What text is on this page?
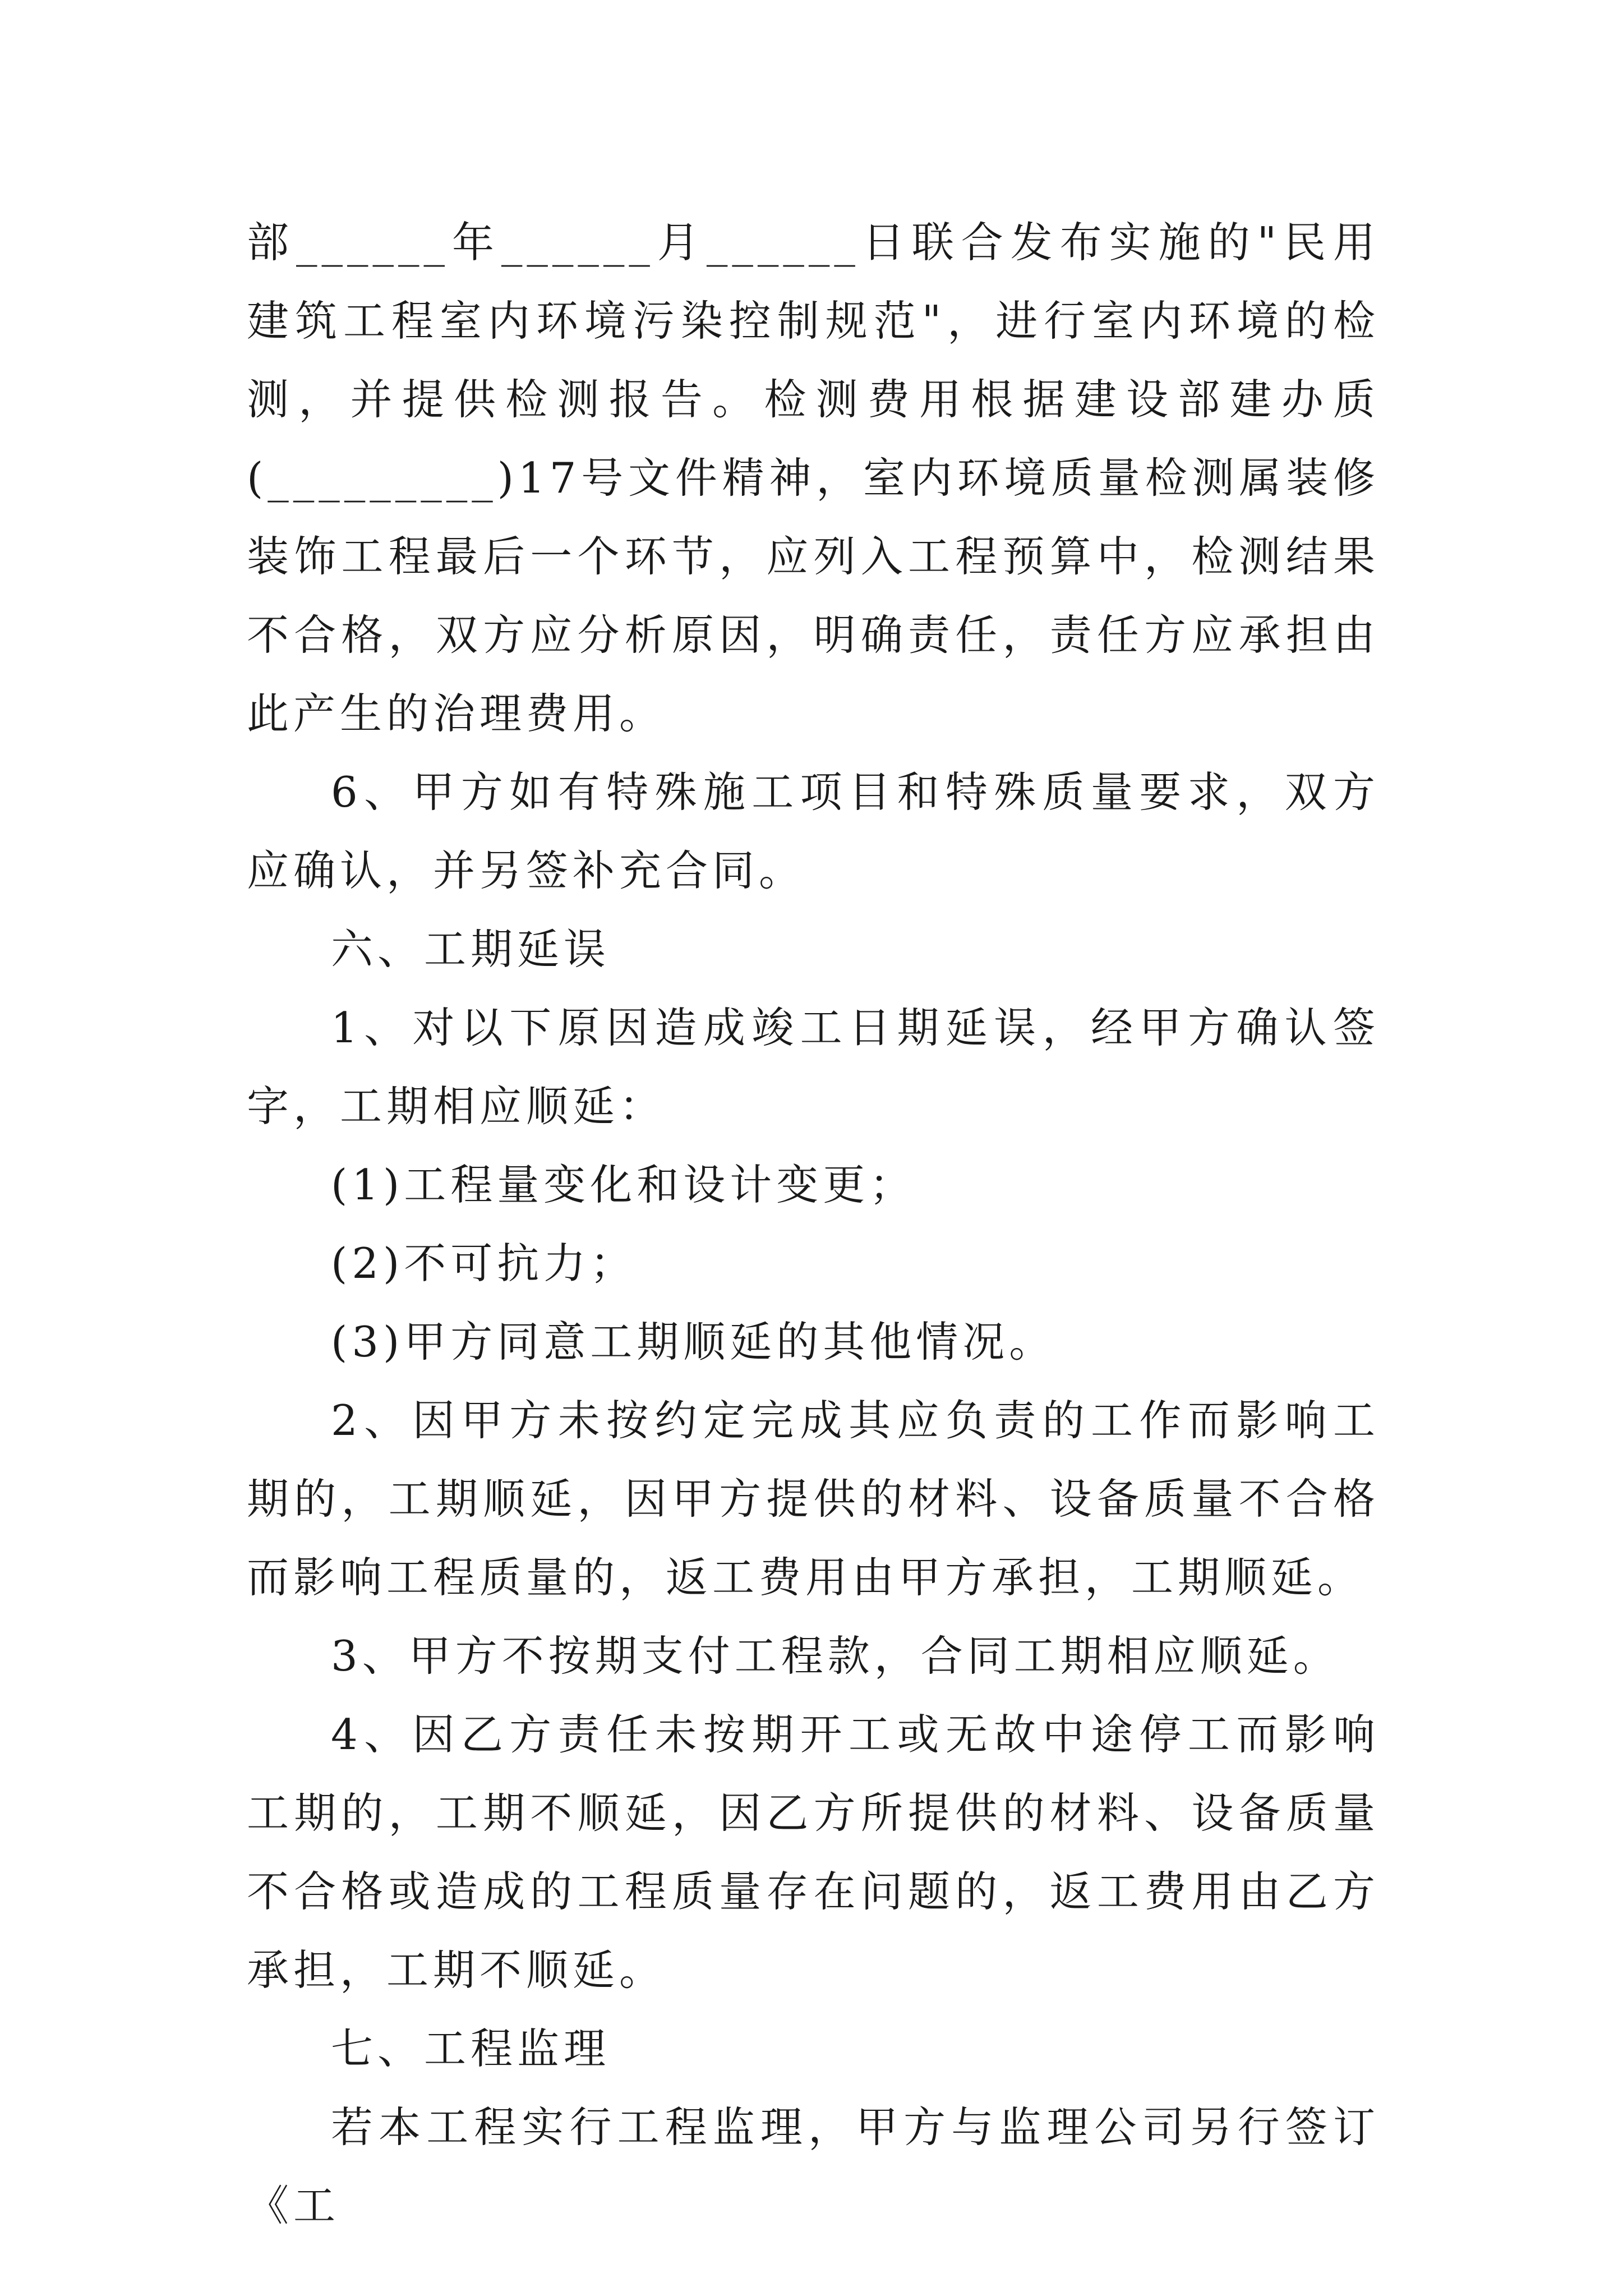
部______年______月______日联合发布实施的"民用建筑工程室内环境污染控制规范"，进行室内环境的检测，并提供检测报告。检测费用根据建设部建办质(_________)17号文件精神，室内环境质量检测属装修装饰工程最后一个环节，应列入工程预算中，检测结果不合格，双方应分析原因，明确责任，责任方应承担由此产生的治理费用。

6、甲方如有特殊施工项目和特殊质量要求，双方应确认，并另签补充合同。

六、工期延误

1、对以下原因造成竣工日期延误，经甲方确认签字，工期相应顺延：

(1)工程量变化和设计变更；

(2)不可抗力；

(3)甲方同意工期顺延的其他情况。

2、因甲方未按约定完成其应负责的工作而影响工期的，工期顺延，因甲方提供的材料、设备质量不合格而影响工程质量的，返工费用由甲方承担，工期顺延。

3、甲方不按期支付工程款，合同工期相应顺延。

4、因乙方责任未按期开工或无故中途停工而影响工期的，工期不顺延，因乙方所提供的材料、设备质量不合格或造成的工程质量存在问题的，返工费用由乙方承担，工期不顺延。

七、工程监理

若本工程实行工程监理，甲方与监理公司另行签订《工
